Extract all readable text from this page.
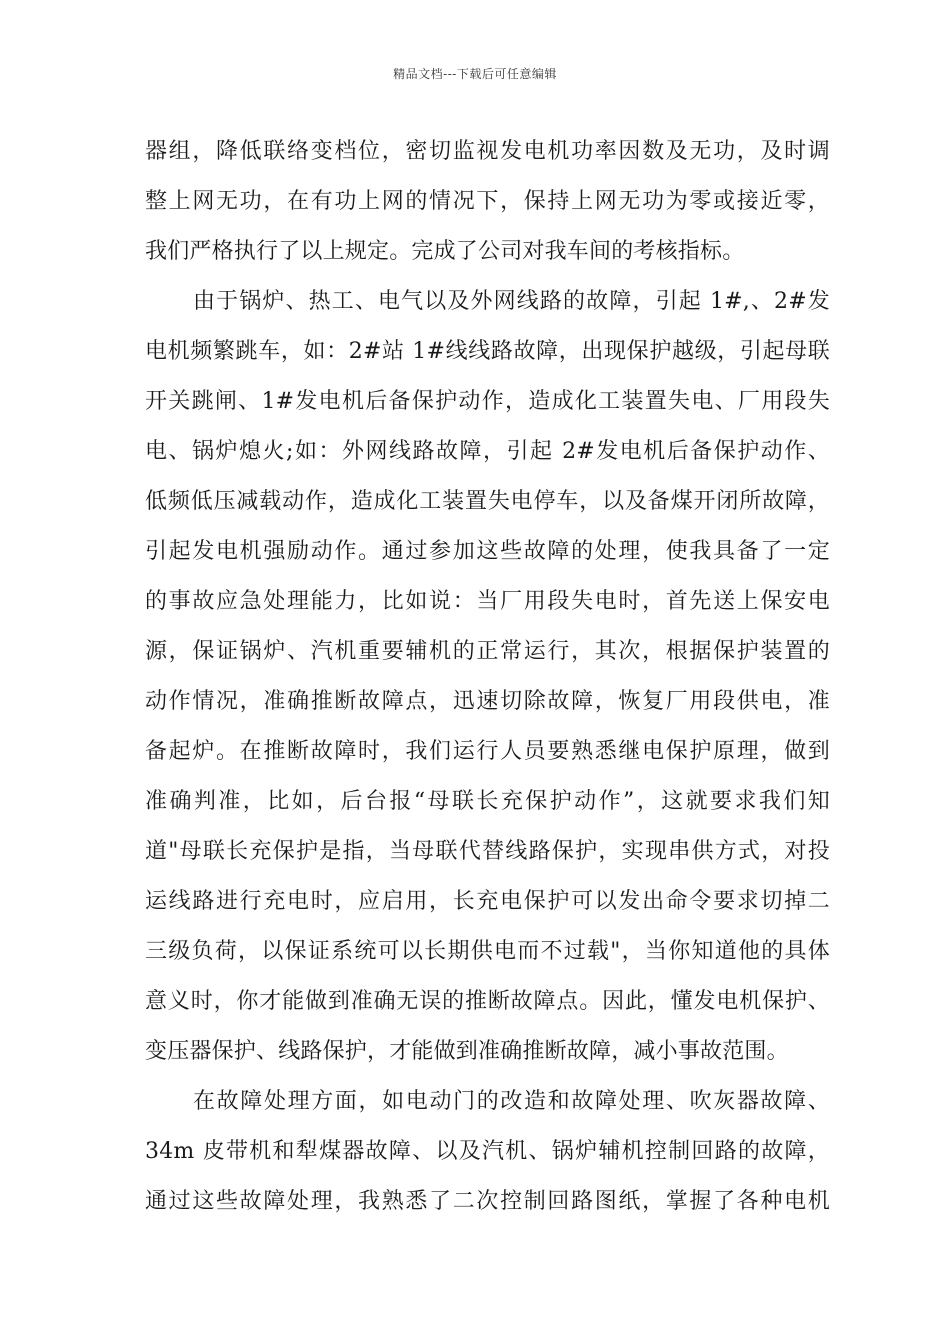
精品文档---下载后可任意编辑
器组，降低联络变档位，密切监视发电机功率因数及无功，及时调
整上网无功，在有功上网的情况下，保持上网无功为零或接近零，
我们严格执行了以上规定。完成了公司对我车间的考核指标。
由于锅炉、热工、电气以及外网线路的故障，引起 1#,、2#发
电机频繁跳车，如：2#站 1#线线路故障，出现保护越级，引起母联
开关跳闸、1#发电机后备保护动作，造成化工装置失电、厂用段失
电、锅炉熄火;如：外网线路故障，引起 2#发电机后备保护动作、
低频低压减载动作，造成化工装置失电停车，以及备煤开闭所故障，
引起发电机强励动作。通过参加这些故障的处理，使我具备了一定
的事故应急处理能力，比如说：当厂用段失电时，首先送上保安电
源，保证锅炉、汽机重要辅机的正常运行，其次，根据保护装置的
动作情况，准确推断故障点，迅速切除故障，恢复厂用段供电，准
备起炉。在推断故障时，我们运行人员要熟悉继电保护原理，做到
准确判准，比如，后台报“母联长充保护动作”，这就要求我们知
道"母联长充保护是指，当母联代替线路保护，实现串供方式，对投
运线路进行充电时，应启用，长充电保护可以发出命令要求切掉二
三级负荷，以保证系统可以长期供电而不过载"，当你知道他的具体
意义时，你才能做到准确无误的推断故障点。因此，懂发电机保护、
变压器保护、线路保护，才能做到准确推断故障，减小事故范围。
在故障处理方面，如电动门的改造和故障处理、吹灰器故障、
34m 皮带机和犁煤器故障、以及汽机、锅炉辅机控制回路的故障，
通过这些故障处理，我熟悉了二次控制回路图纸，掌握了各种电机
